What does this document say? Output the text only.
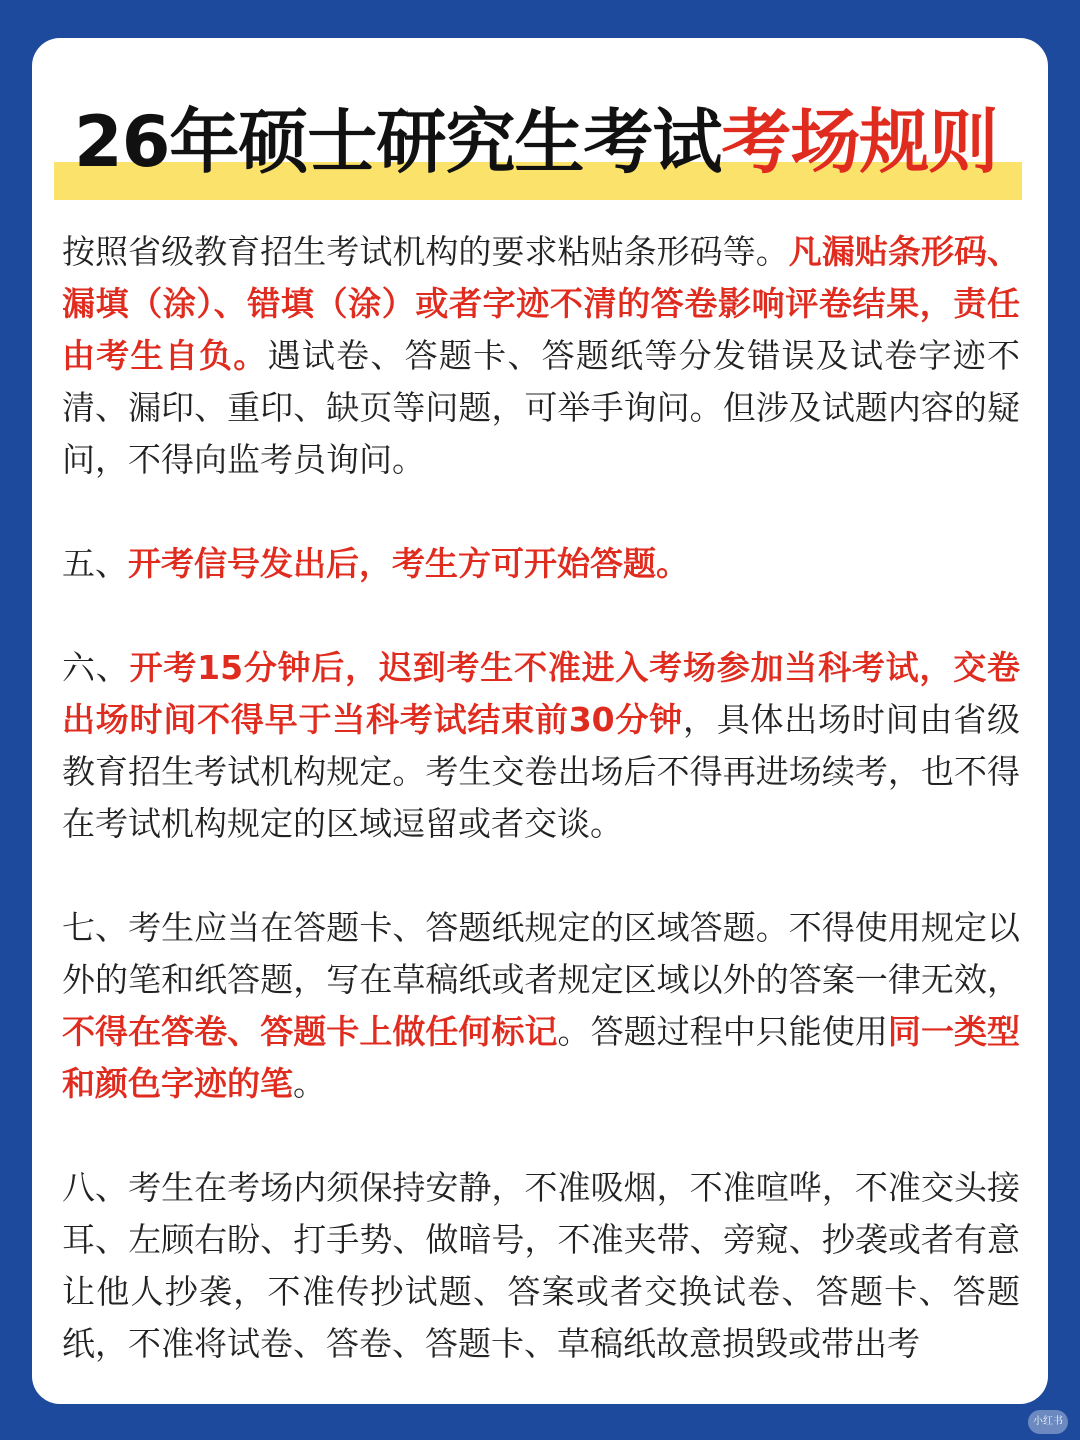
26年硕士研究生考试考场规则

按照省级教育招生考试机构的要求粘贴条形码等。凡漏贴条形码、漏填（涂）、错填（涂）或者字迹不清的答卷影响评卷结果，责任由考生自负。遇试卷、答题卡、答题纸等分发错误及试卷字迹不清、漏印、重印、缺页等问题，可举手询问。但涉及试题内容的疑问，不得向监考员询问。

五、开考信号发出后，考生方可开始答题。

六、开考15分钟后，迟到考生不准进入考场参加当科考试，交卷出场时间不得早于当科考试结束前30分钟，具体出场时间由省级教育招生考试机构规定。考生交卷出场后不得再进场续考，也不得在考试机构规定的区域逗留或者交谈。

七、考生应当在答题卡、答题纸规定的区域答题。不得使用规定以外的笔和纸答题，写在草稿纸或者规定区域以外的答案一律无效，不得在答卷、答题卡上做任何标记。答题过程中只能使用同一类型和颜色字迹的笔。

八、考生在考场内须保持安静，不准吸烟，不准喧哗，不准交头接耳、左顾右盼、打手势、做暗号，不准夹带、旁窥、抄袭或者有意让他人抄袭，不准传抄试题、答案或者交换试卷、答题卡、答题纸，不准将试卷、答卷、答题卡、草稿纸故意损毁或带出考

小红书
